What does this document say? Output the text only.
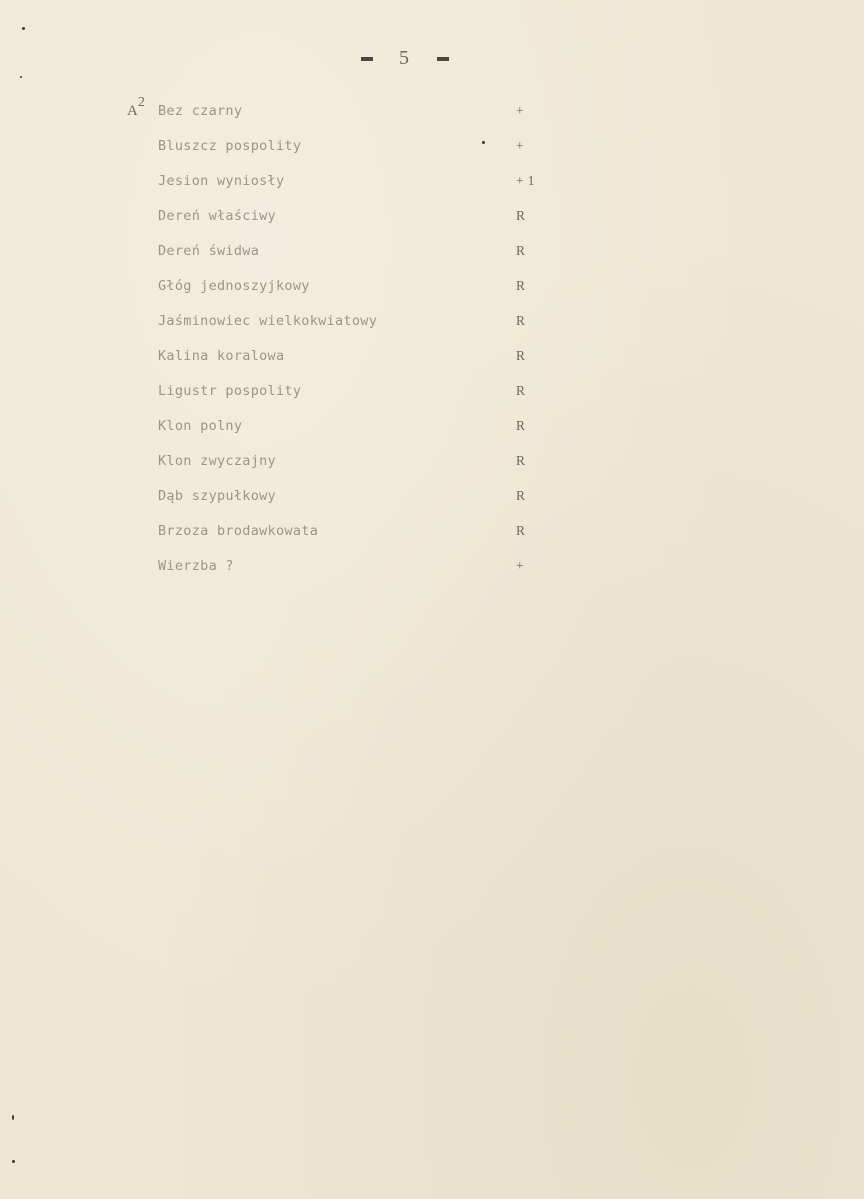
5
$A^2$
Bez czarny	+
Bluszcz pospolity	+
Jesion wyniosły	+ 1
Dereń właściwy	R
Dereń świdwa	R
Głóg jednoszyjkowy	R
Jaśminowiec wielkokwiatowy	R
Kalina koralowa	R
Ligustr pospolity	R
Klon polny	R
Klon zwyczajny	R
Dąb szypułkowy	R
Brzoza brodawkowata	R
Wierzba ?	+
